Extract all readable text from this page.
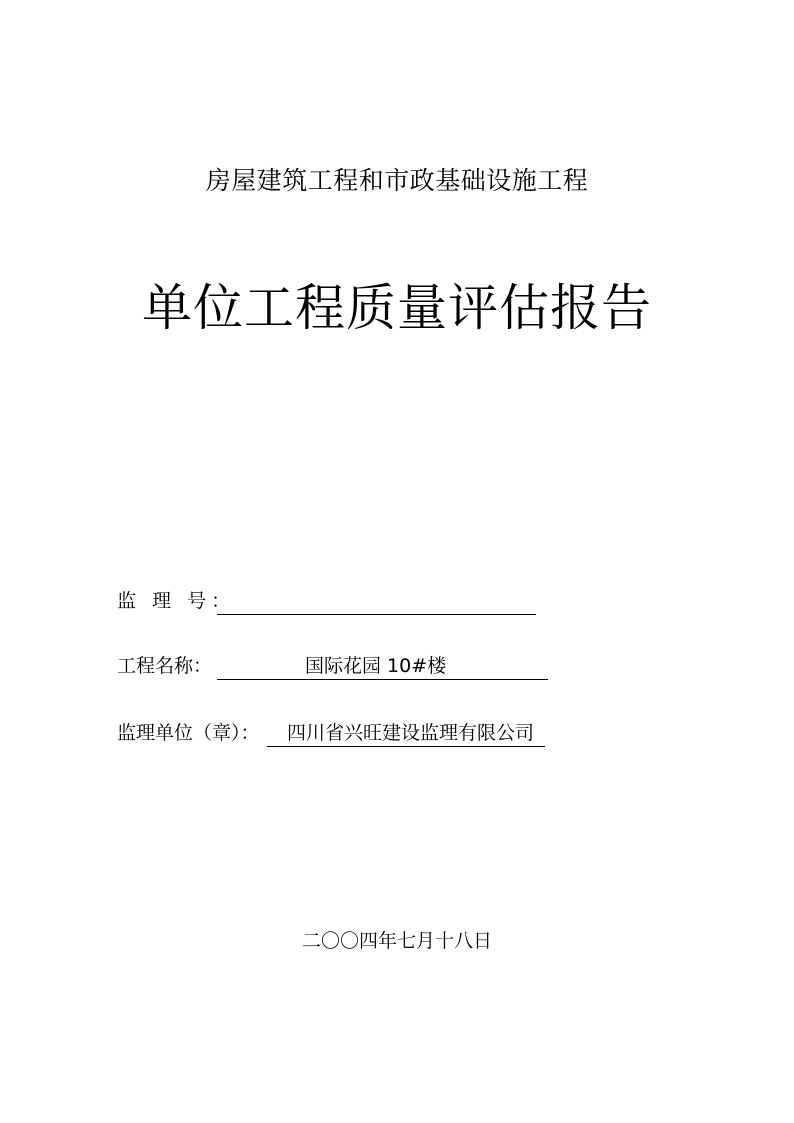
房屋建筑工程和市政基础设施工程
单位工程质量评估报告
监 理 号：
工程名称：	国际花园 10#楼
监理单位（章）： 四川省兴旺建设监理有限公司
二〇〇四年七月十八日
